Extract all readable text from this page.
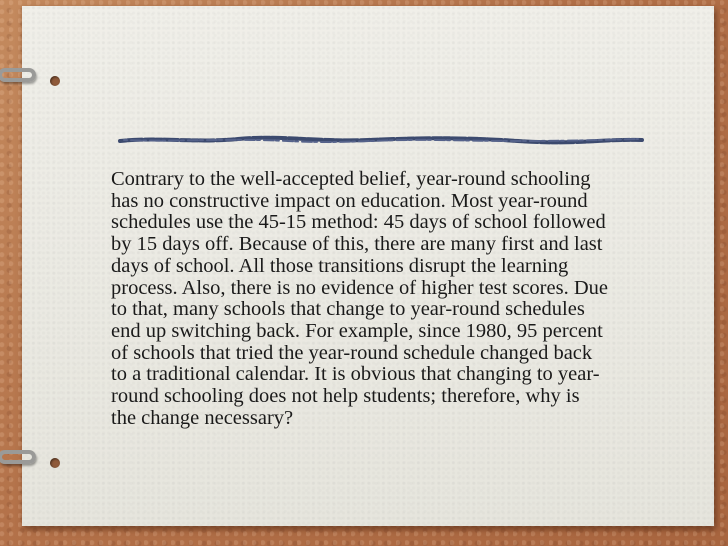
Contrary to the well-accepted belief, year-round schooling
has no constructive impact on education. Most year-round
schedules use the 45-15 method: 45 days of school followed
by 15 days off. Because of this, there are many first and last
days of school. All those transitions disrupt the learning
process. Also, there is no evidence of higher test scores. Due
to that, many schools that change to year-round schedules
end up switching back. For example, since 1980, 95 percent
of schools that tried the year-round schedule changed back
to a traditional calendar. It is obvious that changing to year-
round schooling does not help students; therefore, why is
the change necessary?
